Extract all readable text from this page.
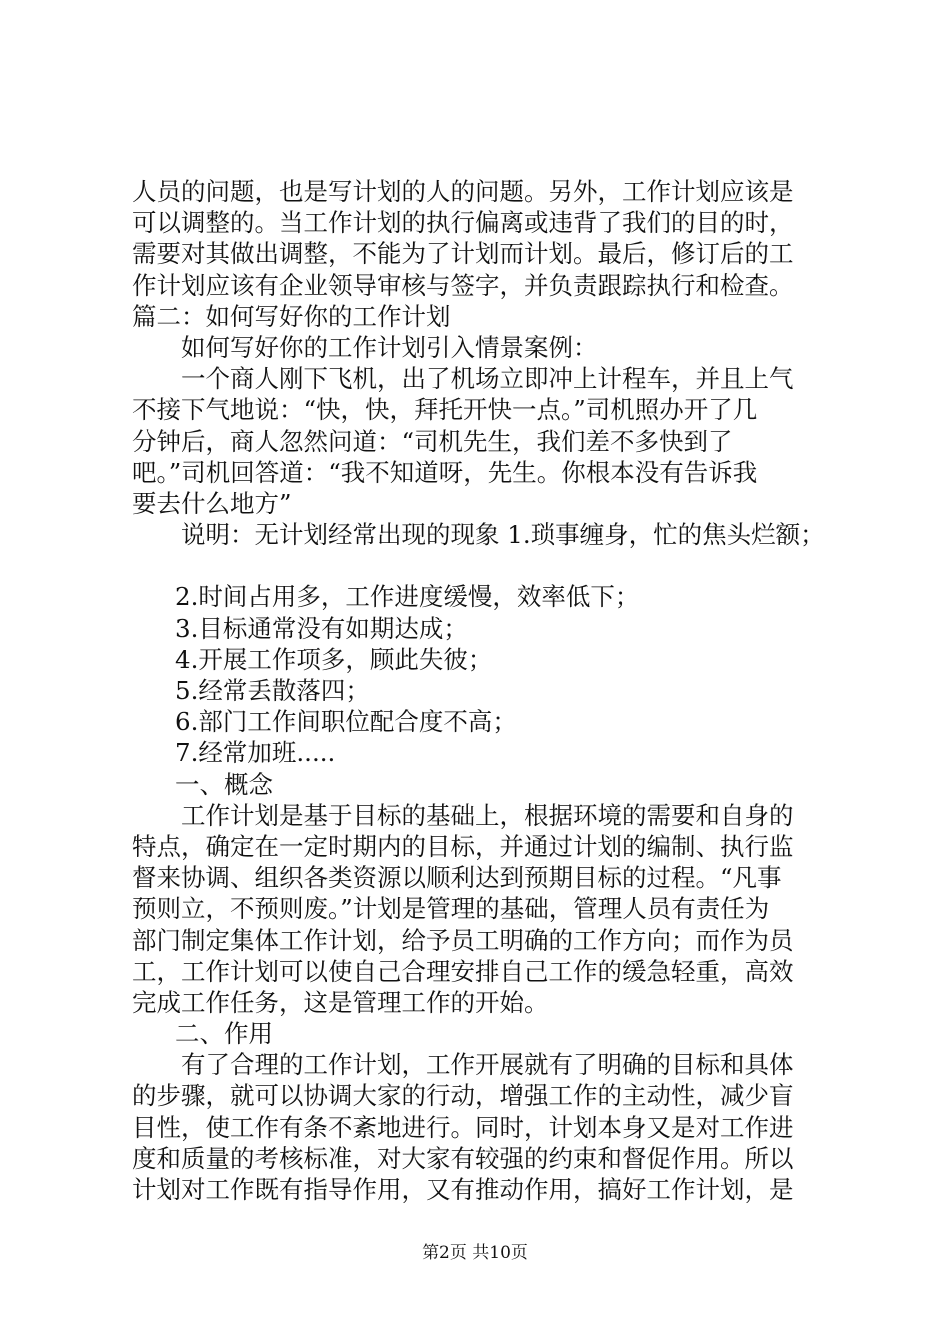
人员的问题，也是写计划的人的问题。另外，工作计划应该是
可以调整的。当工作计划的执行偏离或违背了我们的目的时，
需要对其做出调整，不能为了计划而计划。最后，修订后的工
作计划应该有企业领导审核与签字，并负责跟踪执行和检查。
篇二：如何写好你的工作计划
如何写好你的工作计划引入情景案例：
一个商人刚下飞机，出了机场立即冲上计程车，并且上气
不接下气地说：“快，快，拜托开快一点。”司机照办开了几
分钟后，商人忽然问道：“司机先生，我们差不多快到了
吧。”司机回答道：“我不知道呀，先生。你根本没有告诉我
要去什么地方”
说明：无计划经常出现的现象 1.琐事缠身，忙的焦头烂额；
2.时间占用多，工作进度缓慢，效率低下；
3.目标通常没有如期达成；
4.开展工作项多，顾此失彼；
5.经常丢散落四；
6.部门工作间职位配合度不高；
7.经常加班.....
一、概念
工作计划是基于目标的基础上，根据环境的需要和自身的
特点，确定在一定时期内的目标，并通过计划的编制、执行监
督来协调、组织各类资源以顺利达到预期目标的过程。“凡事
预则立，不预则废。”计划是管理的基础，管理人员有责任为
部门制定集体工作计划，给予员工明确的工作方向；而作为员
工，工作计划可以使自己合理安排自己工作的缓急轻重，高效
完成工作任务，这是管理工作的开始。
二、作用
有了合理的工作计划，工作开展就有了明确的目标和具体
的步骤，就可以协调大家的行动，增强工作的主动性，减少盲
目性，使工作有条不紊地进行。同时，计划本身又是对工作进
度和质量的考核标准，对大家有较强的约束和督促作用。所以
计划对工作既有指导作用，又有推动作用，搞好工作计划，是
第2页 共10页
